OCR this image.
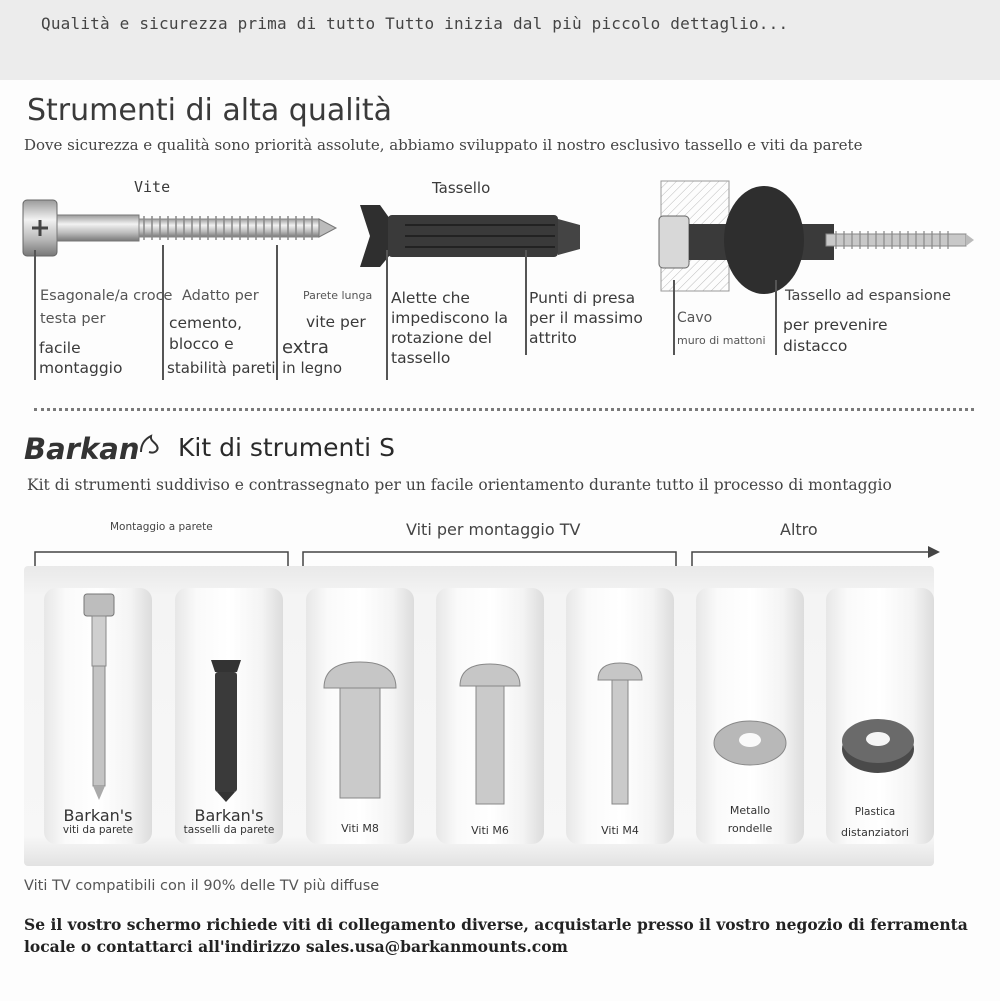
Qualità e sicurezza prima di tutto Tutto inizia dal più piccolo dettaglio...
Strumenti di alta qualità
Dove sicurezza e qualità sono priorità assolute, abbiamo sviluppato il nostro esclusivo tassello e viti da parete
Vite	Tassello
Esagonale/a croce
testa per
facile
montaggio
Adatto per
cemento,
blocco e
stabilità pareti
Parete lunga
vite per
extra
in legno
Alette che impediscono la rotazione del tassello
Punti di presa per il massimo attrito
Cavo
muro di mattoni
Tassello ad espansione
per prevenire distacco
Barkan Kit di strumenti S
Kit di strumenti suddiviso e contrassegnato per un facile orientamento durante tutto il processo di montaggio
Montaggio a parete	Viti per montaggio TV	Altro
Barkan's
viti da parete
Barkan's
tasselli da parete	Viti M8	Viti M6	Viti M4
Metallo
rondelle
Plastica
distanziatori
Viti TV compatibili con il 90% delle TV più diffuse
Se il vostro schermo richiede viti di collegamento diverse, acquistarle presso il vostro negozio di ferramenta locale o contattarci all'indirizzo sales.usa@barkanmounts.com
